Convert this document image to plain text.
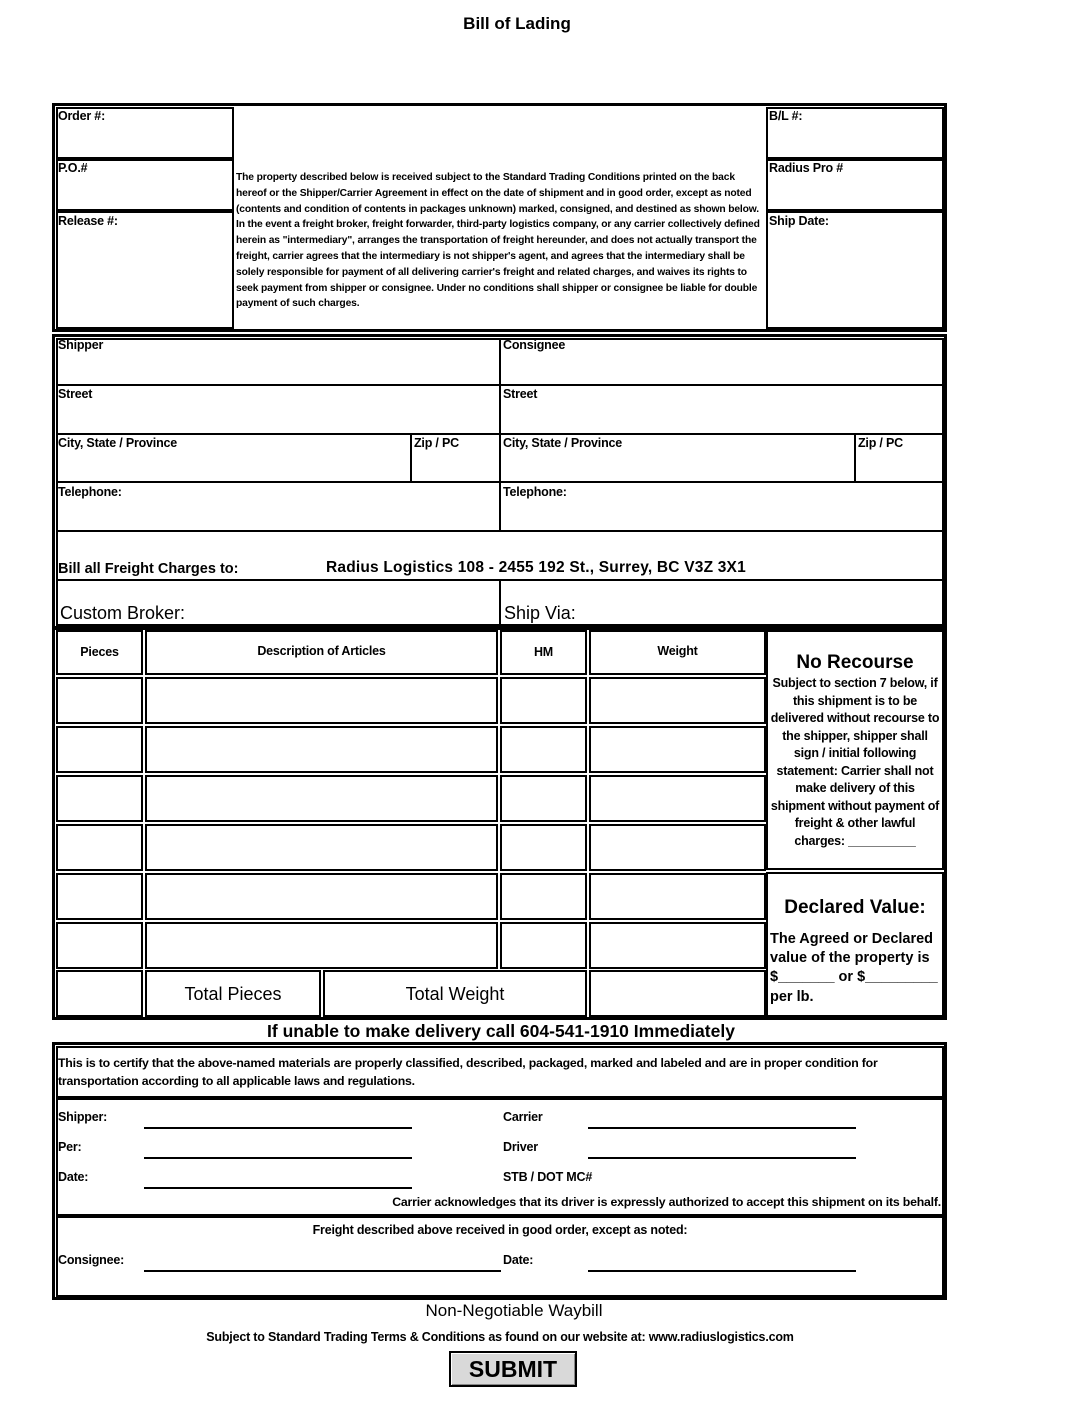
Bill of Lading
Order #:
P.O.#
Release #:
The property described below is received subject to the Standard Trading Conditions printed on the back hereof or the Shipper/Carrier Agreement in effect on the date of shipment and in good order, except as noted (contents and condition of contents in packages unknown) marked, consigned, and destined as shown below. In the event a freight broker, freight forwarder, third-party logistics company, or any carrier collectively defined herein as "intermediary", arranges the transportation of freight hereunder, and does not actually transport the freight, carrier agrees that the intermediary is not shipper's agent, and agrees that the intermediary shall be solely responsible for payment of all delivering carrier's freight and related charges, and waives its rights to seek payment from shipper or consignee. Under no conditions shall shipper or consignee be liable for double payment of such charges.
B/L #:
Radius Pro #
Ship Date:
Shipper	Consignee
Street	Street
City, State / Province	Zip / PC	City, State / Province	Zip / PC
Telephone:	Telephone:
Bill all Freight Charges to:	Radius Logistics 108 - 2455 192 St., Surrey, BC V3Z 3X1
Custom Broker:	Ship Via:
Pieces	Description of Articles	HM	Weight
Total Pieces	Total Weight
No Recourse
Subject to section 7 below, if this shipment is to be delivered without recourse to the shipper, shipper shall sign / initial following statement: Carrier shall not make delivery of this shipment without payment of freight & other lawful charges: __________
Declared Value:
The Agreed or Declared value of the property is
$_______ or $_________
per lb.
If unable to make delivery call 604-541-1910 Immediately
This is to certify that the above-named materials are properly classified, described, packaged, marked and labeled and are in proper condition for transportation according to all applicable laws and regulations.
Shipper:	Carrier
Per:	Driver
Date:	STB / DOT MC#
Carrier acknowledges that its driver is expressly authorized to accept this shipment on its behalf.
Freight described above received in good order, except as noted:
Consignee:	Date:
Non-Negotiable Waybill
Subject to Standard Trading Terms & Conditions as found on our website at: www.radiuslogistics.com
SUBMIT
